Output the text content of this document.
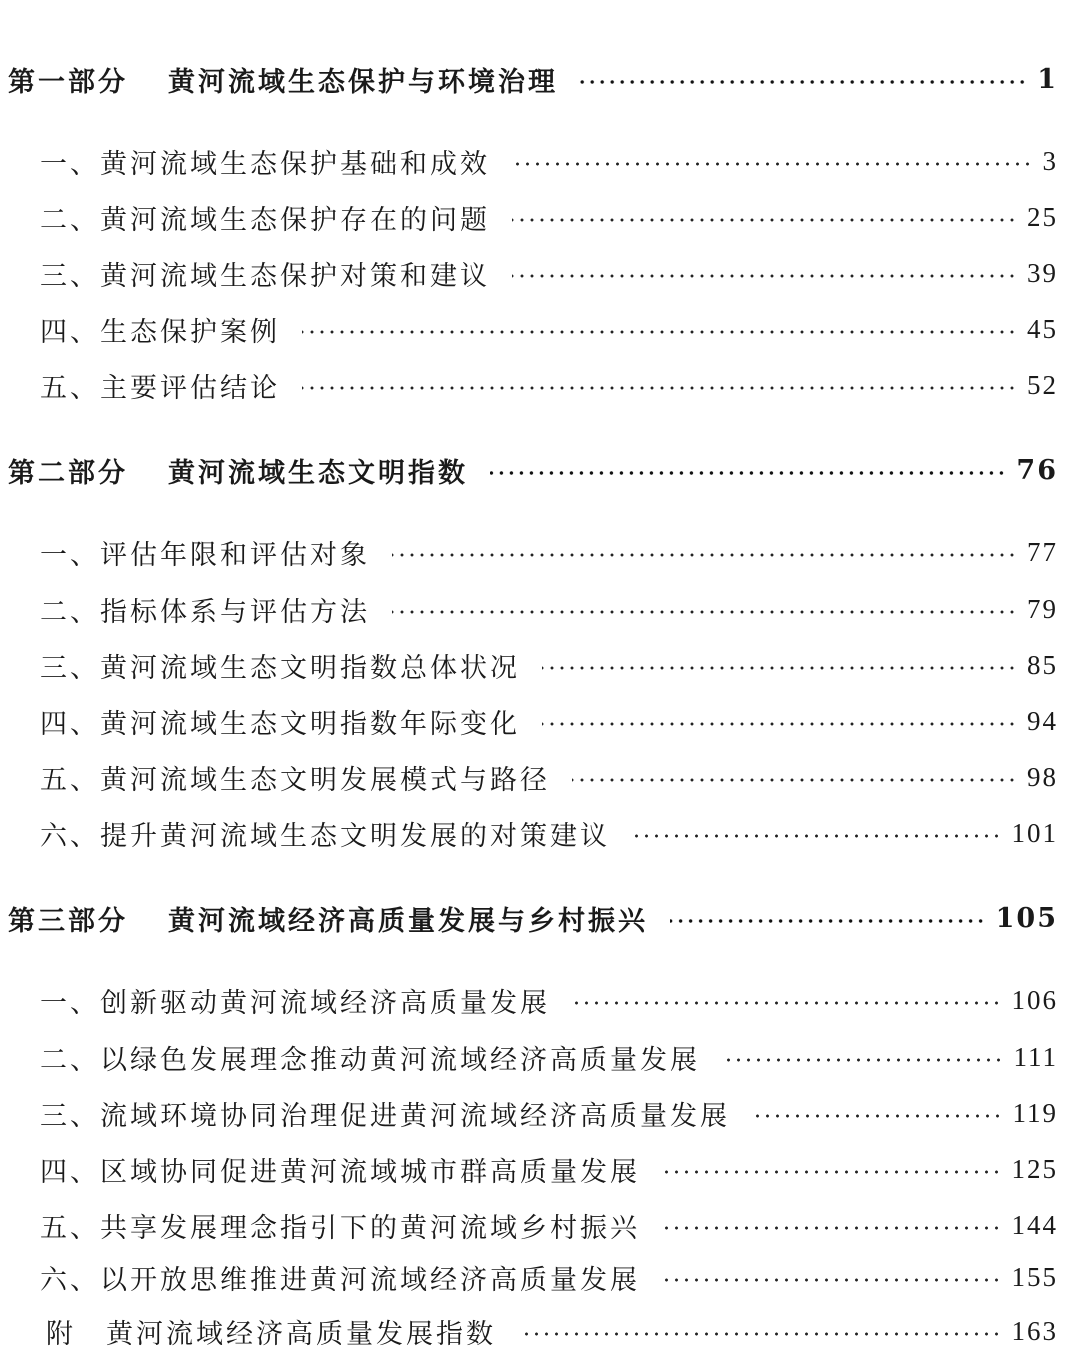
第一部分 黄河流域生态保护与环境治理	1
一、黄河流域生态保护基础和成效	3
二、黄河流域生态保护存在的问题	25
三、黄河流域生态保护对策和建议	39
四、生态保护案例	45
五、主要评估结论	52
第二部分 黄河流域生态文明指数	76
一、评估年限和评估对象	77
二、指标体系与评估方法	79
三、黄河流域生态文明指数总体状况	85
四、黄河流域生态文明指数年际变化	94
五、黄河流域生态文明发展模式与路径	98
六、提升黄河流域生态文明发展的对策建议	101
第三部分 黄河流域经济高质量发展与乡村振兴	105
一、创新驱动黄河流域经济高质量发展	106
二、以绿色发展理念推动黄河流域经济高质量发展	111
三、流域环境协同治理促进黄河流域经济高质量发展	119
四、区域协同促进黄河流域城市群高质量发展	125
五、共享发展理念指引下的黄河流域乡村振兴	144
六、以开放思维推进黄河流域经济高质量发展	155
附 黄河流域经济高质量发展指数	163
